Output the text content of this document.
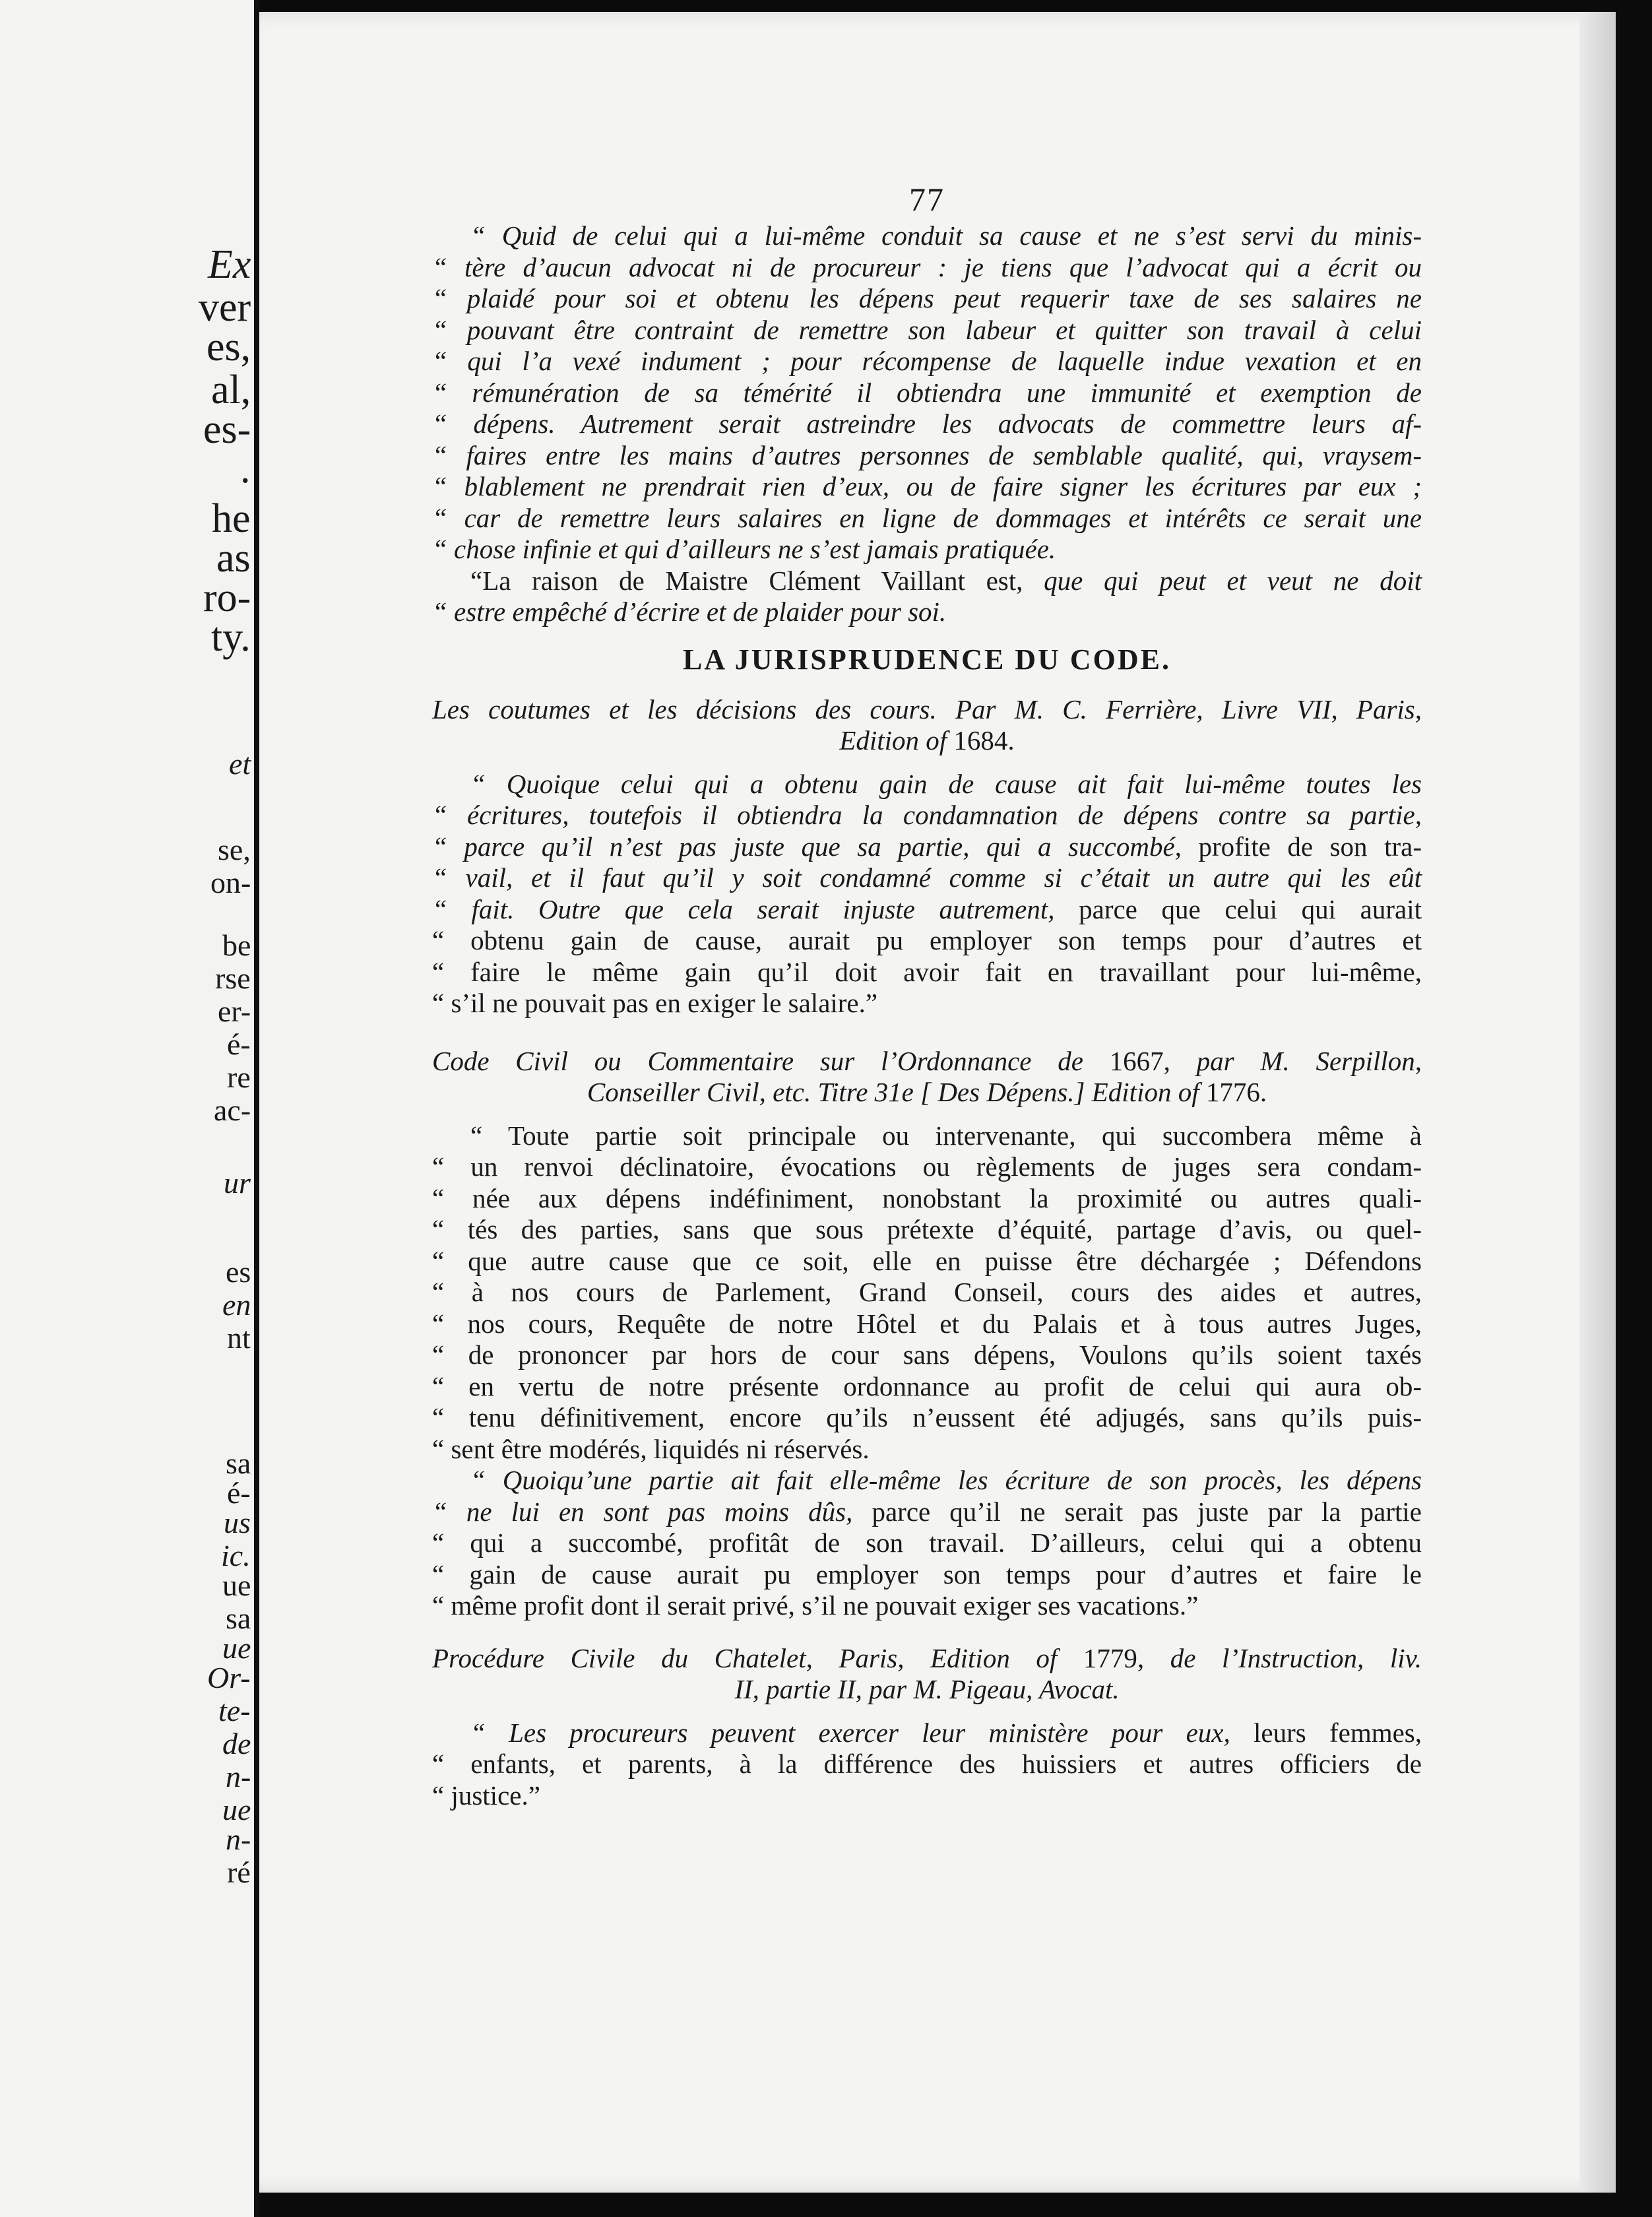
Ex
ver
es,
al,
es-
.
he
as
ro-
ty.
et
se,
on-
be
rse
er-
é-
re
ac-
ur
es
en
nt
sa
é-
us
ic.
ue
sa
ue
Or-
te-
de
n-
ue
n-
ré
77
“ Quid de celui qui a lui-même conduit sa cause et ne s’est servi du minis-
“ tère d’aucun advocat ni de procureur : je tiens que l’advocat qui a écrit ou
“ plaidé pour soi et obtenu les dépens peut requerir taxe de ses salaires ne
“ pouvant être contraint de remettre son labeur et quitter son travail à celui
“ qui l’a vexé indument ; pour récompense de laquelle indue vexation et en
“ rémunération de sa témérité il obtiendra une immunité et exemption de
“ dépens. Autrement serait astreindre les advocats de commettre leurs af-
“ faires entre les mains d’autres personnes de semblable qualité, qui, vraysem-
“ blablement ne prendrait rien d’eux, ou de faire signer les écritures par eux ;
“ car de remettre leurs salaires en ligne de dommages et intérêts ce serait une
“ chose infinie et qui d’ailleurs ne s’est jamais pratiquée.
“La raison de Maistre Clément Vaillant est, que qui peut et veut ne doit
“ estre empêché d’écrire et de plaider pour soi.
LA JURISPRUDENCE DU CODE.
Les coutumes et les décisions des cours. Par M. C. Ferrière, Livre VII, Paris,
Edition of 1684.
“ Quoique celui qui a obtenu gain de cause ait fait lui-même toutes les
“ écritures, toutefois il obtiendra la condamnation de dépens contre sa partie,
“ parce qu’il n’est pas juste que sa partie, qui a succombé, profite de son tra-
“ vail, et il faut qu’il y soit condamné comme si c’était un autre qui les eût
“ fait. Outre que cela serait injuste autrement, parce que celui qui aurait
“ obtenu gain de cause, aurait pu employer son temps pour d’autres et
“ faire le même gain qu’il doit avoir fait en travaillant pour lui-même,
“ s’il ne pouvait pas en exiger le salaire.”
Code Civil ou Commentaire sur l’Ordonnance de 1667, par M. Serpillon,
Conseiller Civil, etc. Titre 31e [ Des Dépens.] Edition of 1776.
“ Toute partie soit principale ou intervenante, qui succombera même à
“ un renvoi déclinatoire, évocations ou règlements de juges sera condam-
“ née aux dépens indéfiniment, nonobstant la proximité ou autres quali-
“ tés des parties, sans que sous prétexte d’équité, partage d’avis, ou quel-
“ que autre cause que ce soit, elle en puisse être déchargée ; Défendons
“ à nos cours de Parlement, Grand Conseil, cours des aides et autres,
“ nos cours, Requête de notre Hôtel et du Palais et à tous autres Juges,
“ de prononcer par hors de cour sans dépens, Voulons qu’ils soient taxés
“ en vertu de notre présente ordonnance au profit de celui qui aura ob-
“ tenu définitivement, encore qu’ils n’eussent été adjugés, sans qu’ils puis-
“ sent être modérés, liquidés ni réservés.
“ Quoiqu’une partie ait fait elle-même les écriture de son procès, les dépens
“ ne lui en sont pas moins dûs, parce qu’il ne serait pas juste par la partie
“ qui a succombé, profitât de son travail. D’ailleurs, celui qui a obtenu
“ gain de cause aurait pu employer son temps pour d’autres et faire le
“ même profit dont il serait privé, s’il ne pouvait exiger ses vacations.”
Procédure Civile du Chatelet, Paris, Edition of 1779, de l’Instruction, liv.
II, partie II, par M. Pigeau, Avocat.
“ Les procureurs peuvent exercer leur ministère pour eux, leurs femmes,
“ enfants, et parents, à la différence des huissiers et autres officiers de
“ justice.”
